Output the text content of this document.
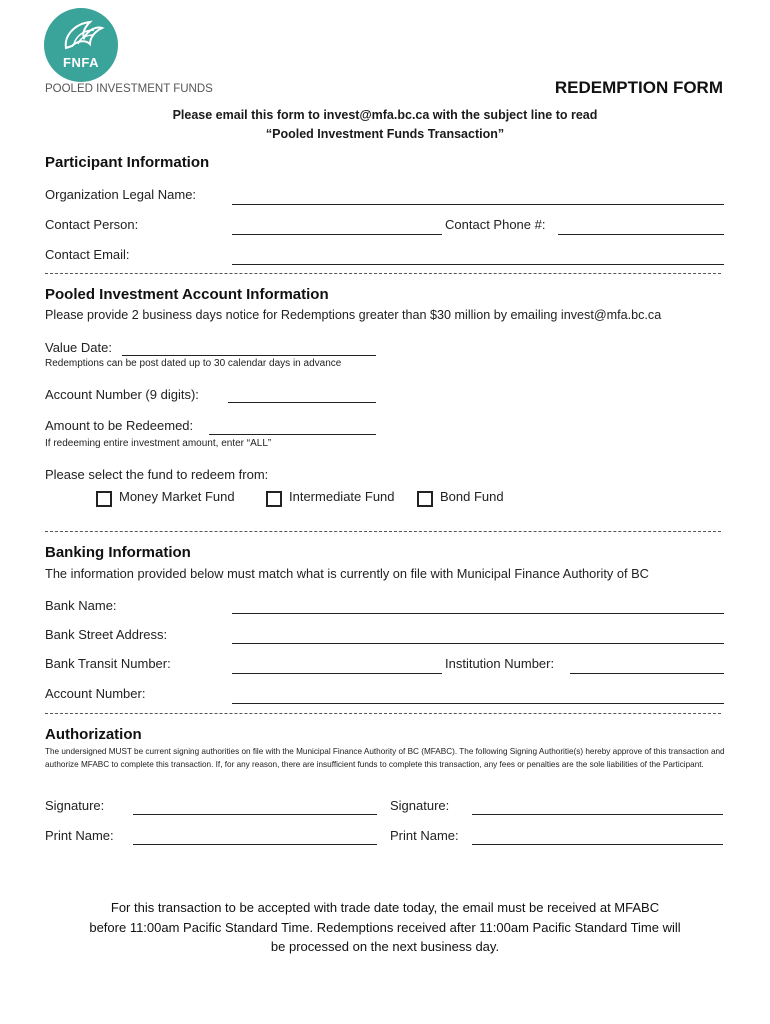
FNFA
POOLED INVESTMENT FUNDS	REDEMPTION FORM
Please email this form to invest@mfa.bc.ca with the subject line to read
“Pooled Investment Funds Transaction”
Participant Information
Organization Legal Name:
Contact Person:	Contact Phone #:
Contact Email:
Pooled Investment Account Information
Please provide 2 business days notice for Redemptions greater than $30 million by emailing invest@mfa.bc.ca
Value Date:
Redemptions can be post dated up to 30 calendar days in advance
Account Number (9 digits):
Amount to be Redeemed:
If redeeming entire investment amount, enter “ALL”
Please select the fund to redeem from:
Money Market Fund	Intermediate Fund	Bond Fund
Banking Information
The information provided below must match what is currently on file with Municipal Finance Authority of BC
Bank Name:
Bank Street Address:
Bank Transit Number:	Institution Number:
Account Number:
Authorization
The undersigned MUST be current signing authorities on file with the Municipal Finance Authority of BC (MFABC). The following Signing Authoritie(s) hereby approve of this transaction and authorize MFABC to complete this transaction. If, for any reason, there are insufficient funds to complete this transaction, any fees or penalties are the sole liabilities of the Participant.
Signature:	Signature:
Print Name:	Print Name:
For this transaction to be accepted with trade date today, the email must be received at MFABC
before 11:00am Pacific Standard Time. Redemptions received after 11:00am Pacific Standard Time will
be processed on the next business day.
